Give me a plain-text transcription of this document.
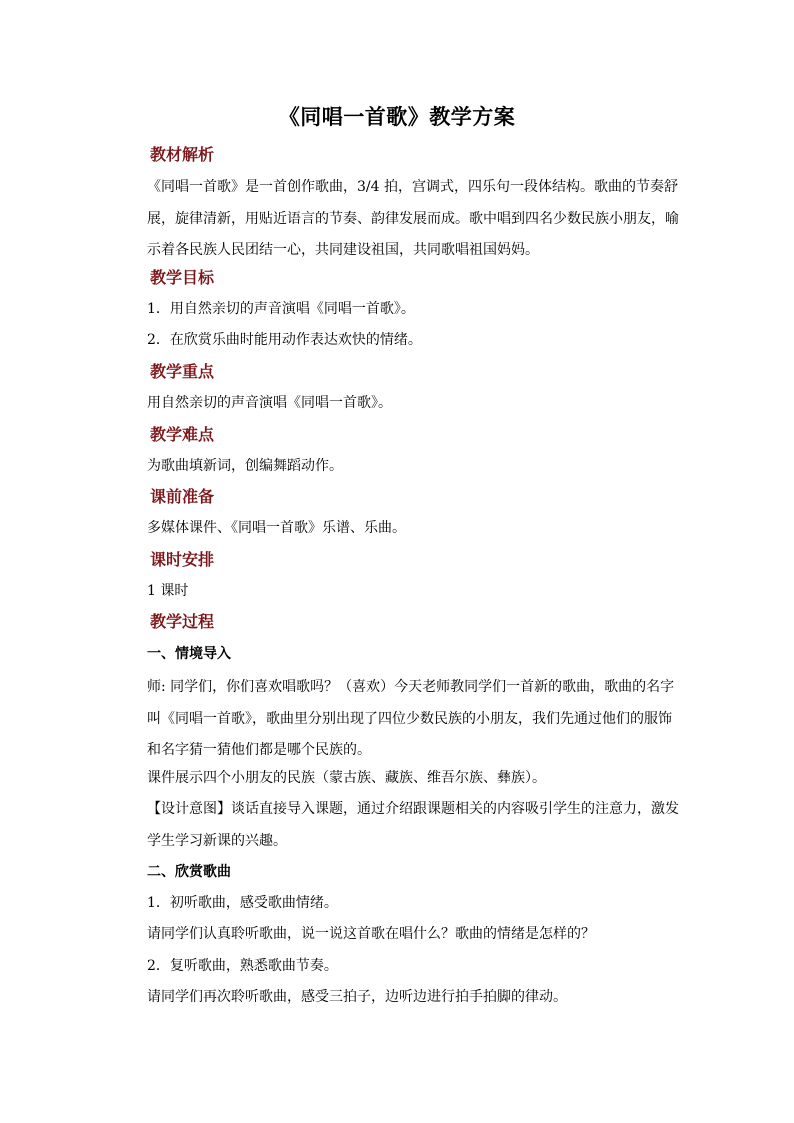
《同唱一首歌》教学方案
教材解析
《同唱一首歌》是一首创作歌曲，3/4 拍，宫调式，四乐句一段体结构。歌曲的节奏舒展，旋律清新，用贴近语言的节奏、韵律发展而成。歌中唱到四名少数民族小朋友，喻示着各民族人民团结一心，共同建设祖国，共同歌唱祖国妈妈。
教学目标
1．用自然亲切的声音演唱《同唱一首歌》。
2．在欣赏乐曲时能用动作表达欢快的情绪。
教学重点
用自然亲切的声音演唱《同唱一首歌》。
教学难点
为歌曲填新词，创编舞蹈动作。
课前准备
多媒体课件、《同唱一首歌》乐谱、乐曲。
课时安排
1 课时
教学过程
一、情境导入
师: 同学们，你们喜欢唱歌吗？（喜欢）今天老师教同学们一首新的歌曲，歌曲的名字叫《同唱一首歌》，歌曲里分别出现了四位少数民族的小朋友，我们先通过他们的服饰和名字猜一猜他们都是哪个民族的。
课件展示四个小朋友的民族（蒙古族、藏族、维吾尔族、彝族）。
【设计意图】谈话直接导入课题，通过介绍跟课题相关的内容吸引学生的注意力，激发学生学习新课的兴趣。
二、欣赏歌曲
1．初听歌曲，感受歌曲情绪。
请同学们认真聆听歌曲，说一说这首歌在唱什么？歌曲的情绪是怎样的？
2．复听歌曲，熟悉歌曲节奏。
请同学们再次聆听歌曲，感受三拍子，边听边进行拍手拍脚的律动。
